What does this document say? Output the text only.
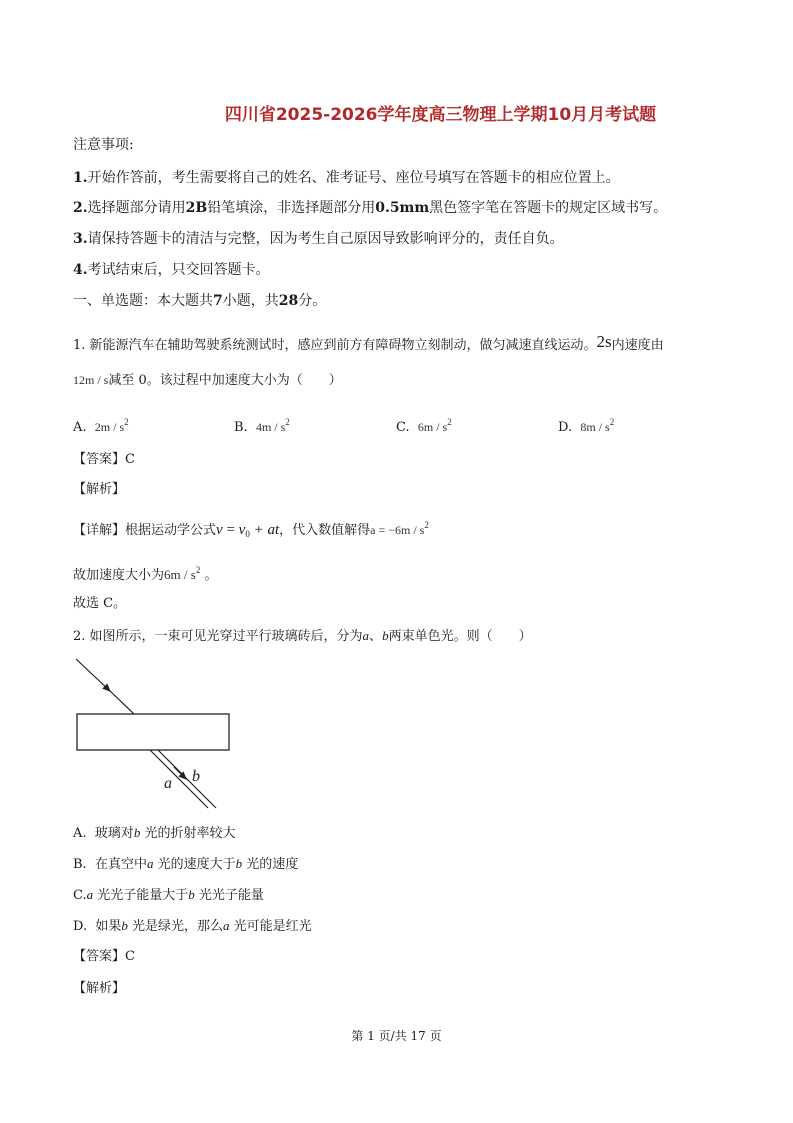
四川省2025-2026学年度高三物理上学期10月月考试题
注意事项:
1.开始作答前，考生需要将自己的姓名、准考证号、座位号填写在答题卡的相应位置上。
2.选择题部分请用2B铅笔填涂，非选择题部分用0.5mm黑色签字笔在答题卡的规定区域书写。
3.请保持答题卡的清洁与完整，因为考生自己原因导致影响评分的，责任自负。
4.考试结束后，只交回答题卡。
一、单选题：本大题共7小题，共28分。
1. 新能源汽车在辅助驾驶系统测试时，感应到前方有障碍物立刻制动，做匀减速直线运动。2s内速度由
12m / s减至 0。该过程中加速度大小为（　　）
A. $2m / s^2$	B. $4m / s^2$	C. $6m / s^2$	D. $8m / s^2$
【答案】C
【解析】
【详解】根据运动学公式$v = v_0$ + at，代入数值解得$a = -6m / s^2$
故加速度大小为$6m / s^2$ 。
故选 C。
2. 如图所示，一束可见光穿过平行玻璃砖后，分为a、b两束单色光。则（　　）
a b
A. 玻璃对b 光的折射率较大
B. 在真空中a 光的速度大于b 光的速度
C.a 光光子能量大于b 光光子能量
D. 如果b 光是绿光，那么a 光可能是红光
【答案】C
【解析】
第 1 页/共 17 页
